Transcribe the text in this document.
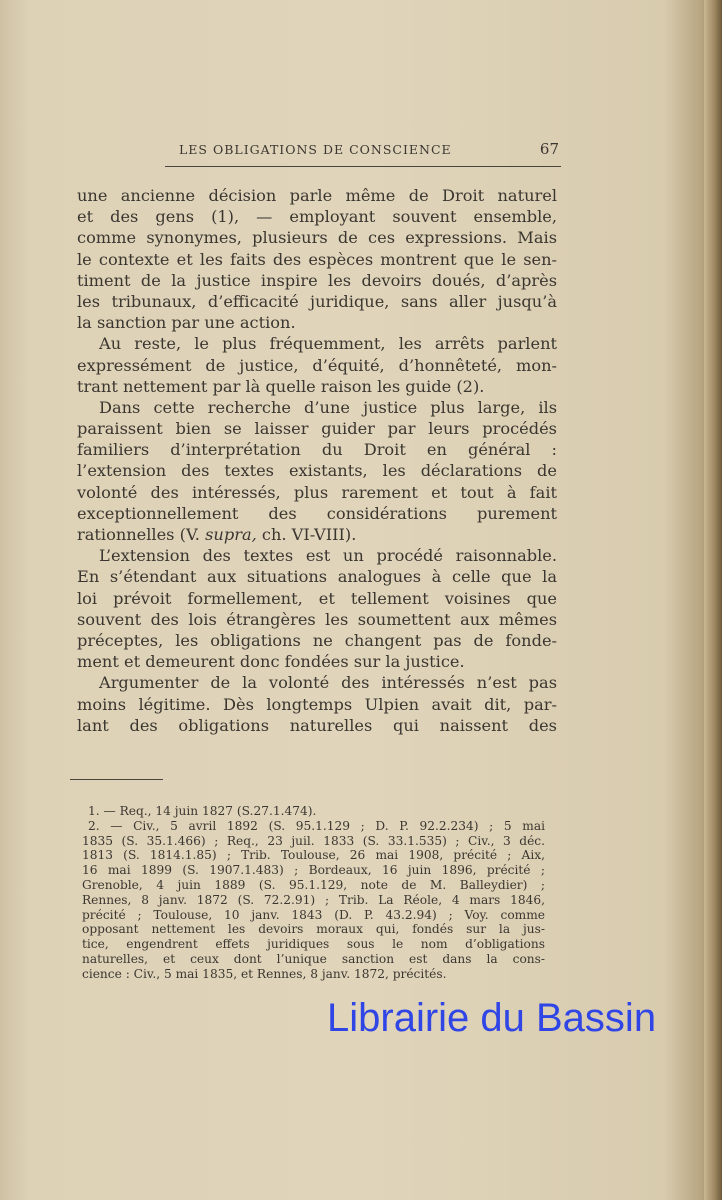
LES OBLIGATIONS DE CONSCIENCE	67
une ancienne décision parle même de Droit naturel
et des gens (1), — employant souvent ensemble,
comme synonymes, plusieurs de ces expressions. Mais
le contexte et les faits des espèces montrent que le sen-
timent de la justice inspire les devoirs doués, d’après
les tribunaux, d’efficacité juridique, sans aller jusqu’à
la sanction par une action.
Au reste, le plus fréquemment, les arrêts parlent
expressément de justice, d’équité, d’honnêteté, mon-
trant nettement par là quelle raison les guide (2).
Dans cette recherche d’une justice plus large, ils
paraissent bien se laisser guider par leurs procédés
familiers d’interprétation du Droit en général :
l’extension des textes existants, les déclarations de
volonté des intéressés, plus rarement et tout à fait
exceptionnellement des considérations purement
rationnelles (V. supra, ch. VI-VIII).
L’extension des textes est un procédé raisonnable.
En s’étendant aux situations analogues à celle que la
loi prévoit formellement, et tellement voisines que
souvent des lois étrangères les soumettent aux mêmes
préceptes, les obligations ne changent pas de fonde-
ment et demeurent donc fondées sur la justice.
Argumenter de la volonté des intéressés n’est pas
moins légitime. Dès longtemps Ulpien avait dit, par-
lant des obligations naturelles qui naissent des
1. — Req., 14 juin 1827 (S.27.1.474).
2. — Civ., 5 avril 1892 (S. 95.1.129 ; D. P. 92.2.234) ; 5 mai
1835 (S. 35.1.466) ; Req., 23 juil. 1833 (S. 33.1.535) ; Civ., 3 déc.
1813 (S. 1814.1.85) ; Trib. Toulouse, 26 mai 1908, précité ; Aix,
16 mai 1899 (S. 1907.1.483) ; Bordeaux, 16 juin 1896, précité ;
Grenoble, 4 juin 1889 (S. 95.1.129, note de M. Balleydier) ;
Rennes, 8 janv. 1872 (S. 72.2.91) ; Trib. La Réole, 4 mars 1846,
précité ; Toulouse, 10 janv. 1843 (D. P. 43.2.94) ; Voy. comme
opposant nettement les devoirs moraux qui, fondés sur la jus-
tice, engendrent effets juridiques sous le nom d’obligations
naturelles, et ceux dont l’unique sanction est dans la cons-
cience : Civ., 5 mai 1835, et Rennes, 8 janv. 1872, précités.
Librairie du Bassin
